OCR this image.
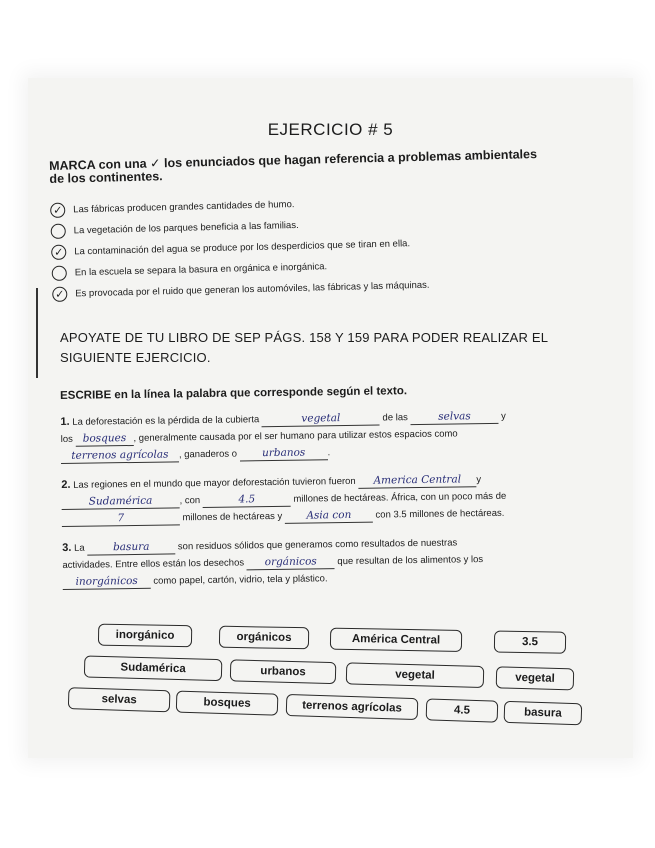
EJERCICIO # 5
MARCA con una ✓ los enunciados que hagan referencia a problemas ambientales
de los continentes.
✓	Las fábricas producen grandes cantidades de humo.
La vegetación de los parques beneficia a las familias.
✓	La contaminación del agua se produce por los desperdicios que se tiran en ella.
En la escuela se separa la basura en orgánica e inorgánica.
✓	Es provocada por el ruido que generan los automóviles, las fábricas y las máquinas.
APOYATE DE TU LIBRO DE SEP PÁGS. 158 Y 159 PARA PODER REALIZAR EL
SIGUIENTE EJERCICIO.
ESCRIBE en la línea la palabra que corresponde según el texto.
1. La deforestación es la pérdida de la cubierta	vegetal	de las	selvas	y
los bosques , generalmente causada por el ser humano para utilizar estos espacios como
terrenos agrícolas , ganaderos o urbanos .
2. Las regiones en el mundo que mayor deforestación tuvieron fueron America Central y
Sudamérica	, con	4.5	millones de hectáreas. África, con un poco más de
7	millones de hectáreas y Asia con	con 3.5 millones de hectáreas.
3. La	basura	son residuos sólidos que generamos como resultados de nuestras
actividades. Entre ellos están los desechos orgánicos que resultan de los alimentos y los
inorgánicos como papel, cartón, vidrio, tela y plástico.
inorgánico	orgánicos	América Central	3.5
Sudamérica	urbanos	vegetal	vegetal
selvas	bosques	terrenos agrícolas	4.5	basura
